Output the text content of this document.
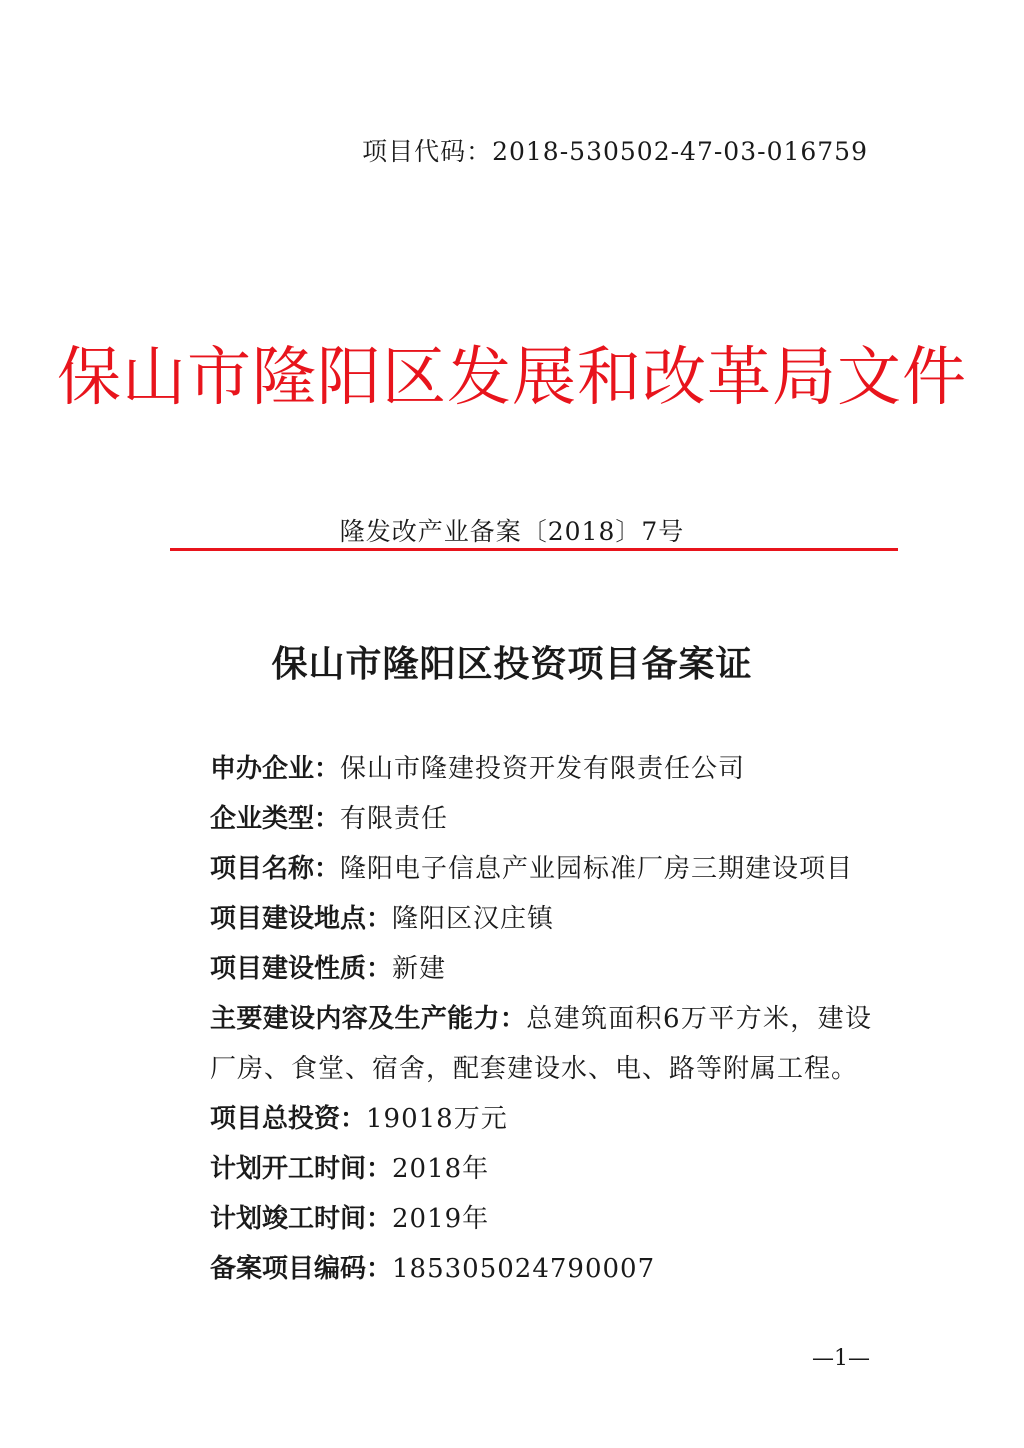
项目代码：2018-530502-47-03-016759
保山市隆阳区发展和改革局文件
隆发改产业备案〔2018〕7号
保山市隆阳区投资项目备案证

申办企业：保山市隆建投资开发有限责任公司

企业类型：有限责任

项目名称：隆阳电子信息产业园标准厂房三期建设项目

项目建设地点：隆阳区汉庄镇

项目建设性质：新建

主要建设内容及生产能力：总建筑面积6万平方米，建设厂房、食堂、宿舍，配套建设水、电、路等附属工程。

项目总投资：19018万元

计划开工时间：2018年

计划竣工时间：2019年

备案项目编码：185305024790007

—1—
